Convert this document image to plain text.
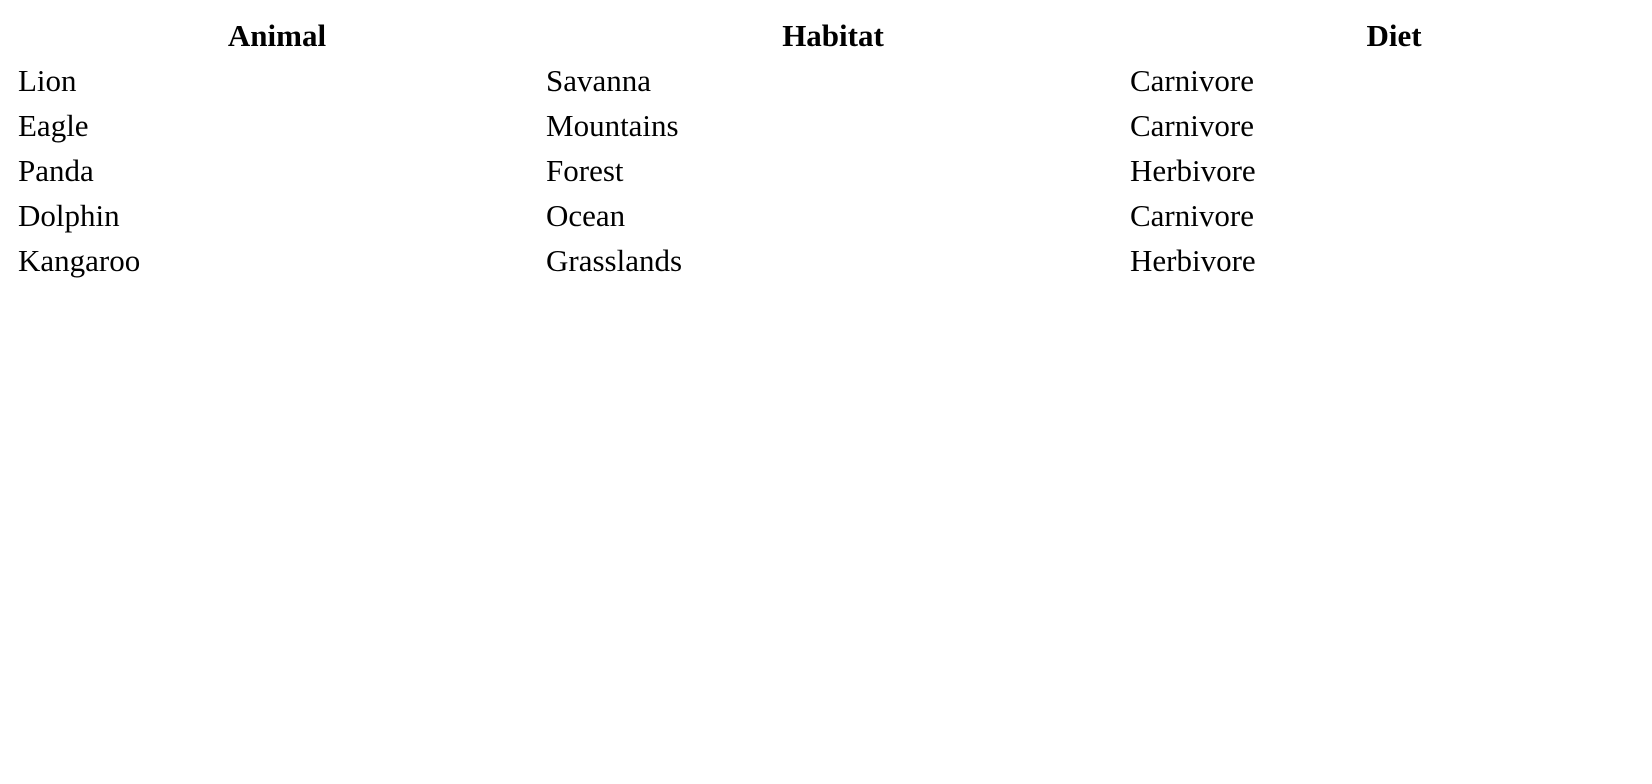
Animal	Habitat	Diet
Lion	Savanna	Carnivore
Eagle	Mountains	Carnivore
Panda	Forest	Herbivore
Dolphin	Ocean	Carnivore
Kangaroo	Grasslands	Herbivore
